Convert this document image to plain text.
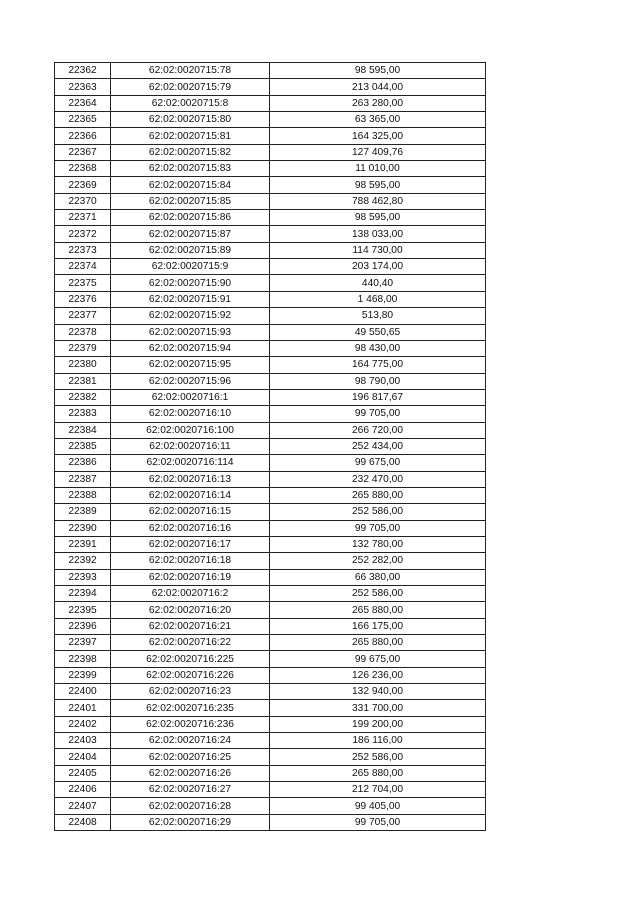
22362	62:02:0020715:78	98 595,00
22363	62:02:0020715:79	213 044,00
22364	62:02:0020715:8	263 280,00
22365	62:02:0020715:80	63 365,00
22366	62:02:0020715:81	164 325,00
22367	62:02:0020715:82	127 409,76
22368	62:02:0020715:83	11 010,00
22369	62:02:0020715:84	98 595,00
22370	62:02:0020715:85	788 462,80
22371	62:02:0020715:86	98 595,00
22372	62:02:0020715:87	138 033,00
22373	62:02:0020715:89	114 730,00
22374	62:02:0020715:9	203 174,00
22375	62:02:0020715:90	440,40
22376	62:02:0020715:91	1 468,00
22377	62:02:0020715:92	513,80
22378	62:02:0020715:93	49 550,65
22379	62:02:0020715:94	98 430,00
22380	62:02:0020715:95	164 775,00
22381	62:02:0020715:96	98 790,00
22382	62:02:0020716:1	196 817,67
22383	62:02:0020716:10	99 705,00
22384	62:02:0020716:100	266 720,00
22385	62:02:0020716:11	252 434,00
22386	62:02:0020716:114	99 675,00
22387	62:02:0020716:13	232 470,00
22388	62:02:0020716:14	265 880,00
22389	62:02:0020716:15	252 586,00
22390	62:02:0020716:16	99 705,00
22391	62:02:0020716:17	132 780,00
22392	62:02:0020716:18	252 282,00
22393	62:02:0020716:19	66 380,00
22394	62:02:0020716:2	252 586,00
22395	62:02:0020716:20	265 880,00
22396	62:02:0020716:21	166 175,00
22397	62:02:0020716:22	265 880,00
22398	62:02:0020716:225	99 675,00
22399	62:02:0020716:226	126 236,00
22400	62:02:0020716:23	132 940,00
22401	62:02:0020716:235	331 700,00
22402	62:02:0020716:236	199 200,00
22403	62:02:0020716:24	186 116,00
22404	62:02:0020716:25	252 586,00
22405	62:02:0020716:26	265 880,00
22406	62:02:0020716:27	212 704,00
22407	62:02:0020716:28	99 405,00
22408	62:02:0020716:29	99 705,00
